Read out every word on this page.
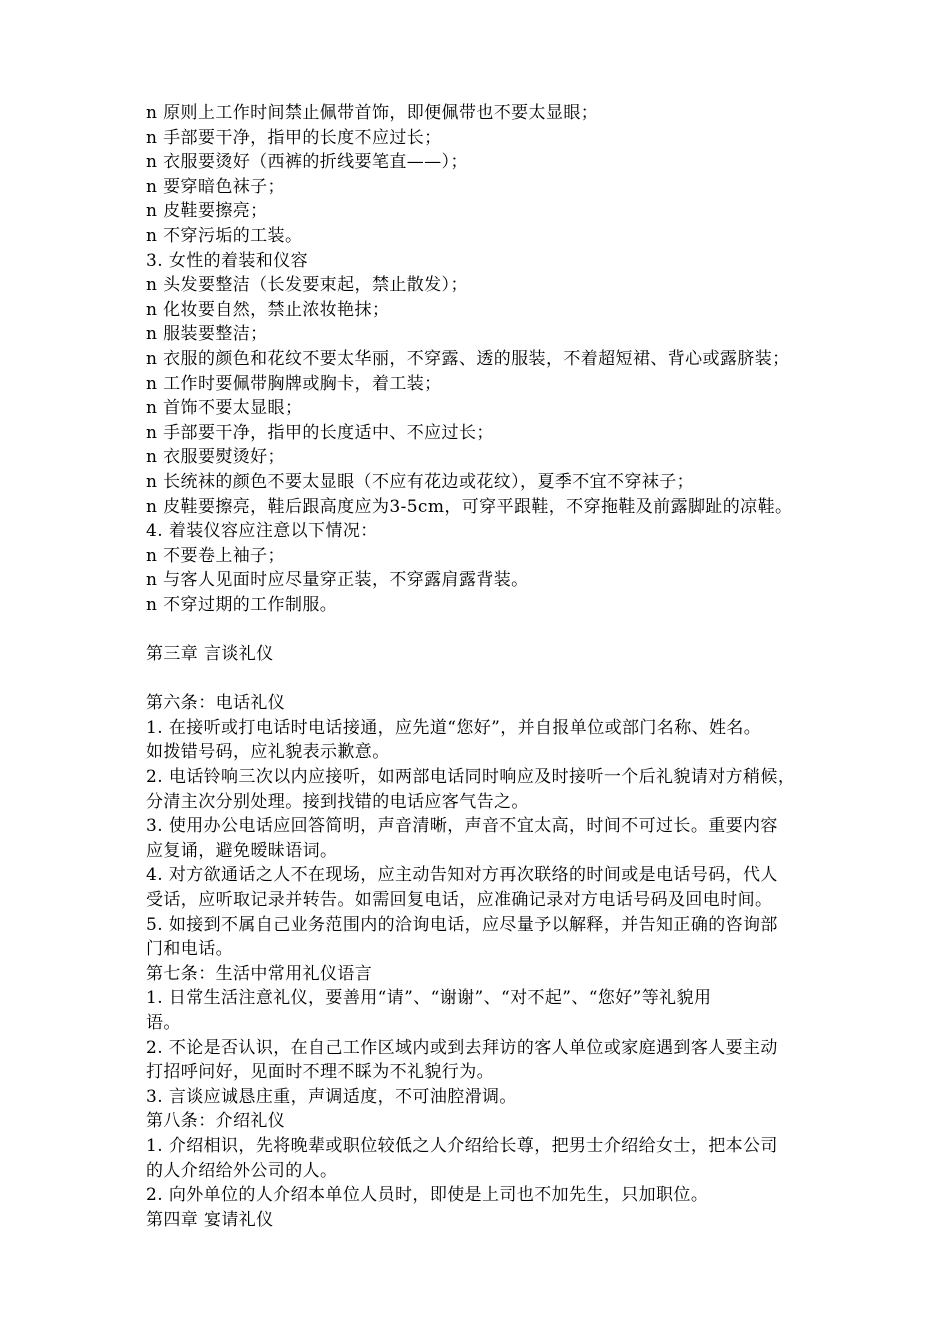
n 原则上工作时间禁止佩带首饰，即便佩带也不要太显眼；
n 手部要干净，指甲的长度不应过长；
n 衣服要烫好（西裤的折线要笔直——）；
n 要穿暗色袜子；
n 皮鞋要擦亮；
n 不穿污垢的工装。
3. 女性的着装和仪容
n 头发要整洁（长发要束起，禁止散发）；
n 化妆要自然，禁止浓妆艳抹；
n 服装要整洁；
n 衣服的颜色和花纹不要太华丽，不穿露、透的服装，不着超短裙、背心或露脐装；
n 工作时要佩带胸牌或胸卡，着工装；
n 首饰不要太显眼；
n 手部要干净，指甲的长度适中、不应过长；
n 衣服要熨烫好；
n 长统袜的颜色不要太显眼（不应有花边或花纹），夏季不宜不穿袜子；
n 皮鞋要擦亮，鞋后跟高度应为3-5cm，可穿平跟鞋，不穿拖鞋及前露脚趾的凉鞋。
4. 着装仪容应注意以下情况：
n 不要卷上袖子；
n 与客人见面时应尽量穿正装，不穿露肩露背装。
n 不穿过期的工作制服。
第三章 言谈礼仪
第六条：电话礼仪
1. 在接听或打电话时电话接通，应先道“您好”，并自报单位或部门名称、姓名。
如拨错号码，应礼貌表示歉意。
2. 电话铃响三次以内应接听，如两部电话同时响应及时接听一个后礼貌请对方稍候，
分清主次分别处理。接到找错的电话应客气告之。
3. 使用办公电话应回答简明，声音清晰，声音不宜太高，时间不可过长。重要内容
应复诵，避免暧昧语词。
4. 对方欲通话之人不在现场，应主动告知对方再次联络的时间或是电话号码，代人
受话，应听取记录并转告。如需回复电话，应准确记录对方电话号码及回电时间。
5. 如接到不属自己业务范围内的洽询电话，应尽量予以解释，并告知正确的咨询部
门和电话。
第七条：生活中常用礼仪语言
1. 日常生活注意礼仪，要善用“请”、“谢谢”、“对不起”、“您好”等礼貌用
语。
2. 不论是否认识，在自己工作区域内或到去拜访的客人单位或家庭遇到客人要主动
打招呼问好，见面时不理不睬为不礼貌行为。
3. 言谈应诚恳庄重，声调适度，不可油腔滑调。
第八条：介绍礼仪
1. 介绍相识，先将晚辈或职位较低之人介绍给长尊，把男士介绍给女士，把本公司
的人介绍给外公司的人。
2. 向外单位的人介绍本单位人员时，即使是上司也不加先生，只加职位。
第四章 宴请礼仪
